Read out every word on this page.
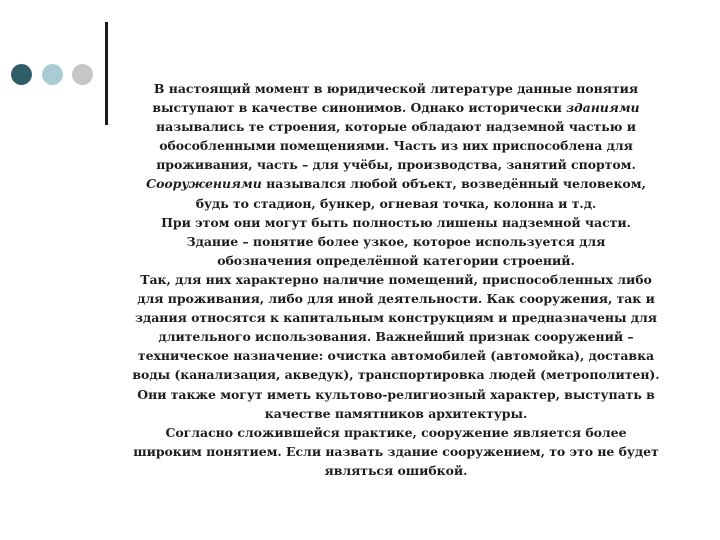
В настоящий момент в юридической литературе данные понятия
выступают в качестве синонимов. Однако исторически зданиями
назывались те строения, которые обладают надземной частью и
обособленными помещениями. Часть из них приспособлена для
проживания, часть – для учёбы, производства, занятий спортом.
Сооружениями назывался любой объект, возведённый человеком,
будь то стадион, бункер, огневая точка, колонна и т.д.
При этом они могут быть полностью лишены надземной части.
Здание – понятие более узкое, которое используется для
обозначения определённой категории строений.
Так, для них характерно наличие помещений, приспособленных либо
для проживания, либо для иной деятельности. Как сооружения, так и
здания относятся к капитальным конструкциям и предназначены для
длительного использования. Важнейший признак сооружений –
техническое назначение: очистка автомобилей (автомойка), доставка
воды (канализация, акведук), транспортировка людей (метрополитен).
Они также могут иметь культово-религиозный характер, выступать в
качестве памятников архитектуры.
Согласно сложившейся практике, сооружение является более
широким понятием. Если назвать здание сооружением, то это не будет
являться ошибкой.
